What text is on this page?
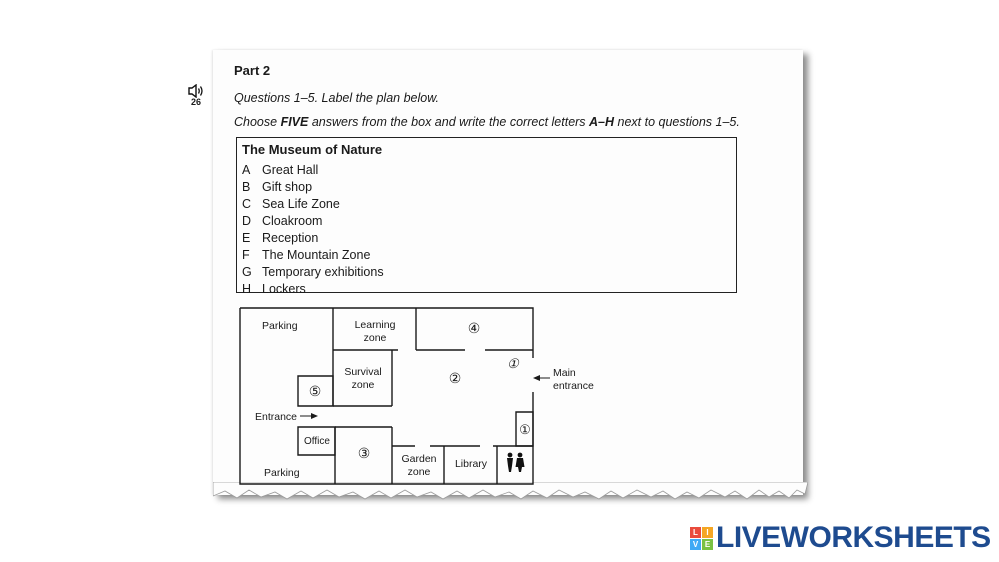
26
Part 2
Questions 1–5. Label the plan below.
Choose FIVE answers from the box and write the correct letters A–H next to questions 1–5.
The Museum of Nature
A Great Hall
B Gift shop
C Sea Life Zone
D Cloakroom
E Reception
F The Mountain Zone
G Temporary exhibitions
H Lockers
Parking
Parking
Learning
zone
Survival
zone
Office
Garden
zone
Library
Entrance
Main
entrance
④
②
⑤
③
①
①
L	I
V E LIVEWORKSHEETS
